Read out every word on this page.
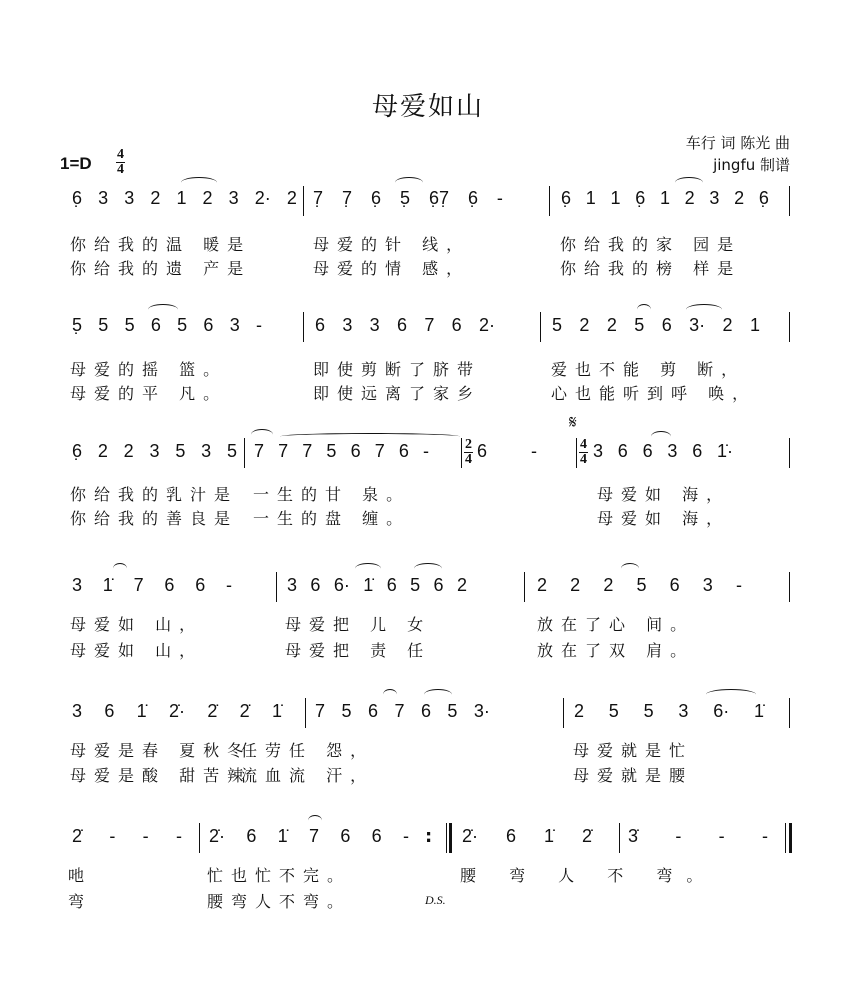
母爱如山
车行 词 陈光 曲
jingfu 制谱
1=D 4
4
6̣ 3 3 2 1 2 3 2· 2 7̣ 7̣ 6̣ 5̣ 6̣7̣ 6̣ -	6̣ 1 1 6̣ 1 2 3 2 6̣
你给我的温 暖是
你给我的遗 产是
母爱的针 线，
母爱的情 感，
你给我的家 园是
你给我的榜 样是
5̣ 5 5 6 5 6 3 -	6 3 3 6 7 6 2·	5 2 2 5 6 3· 2 1
母爱的摇 篮。
母爱的平 凡。
即使剪断了脐带
即使远离了家乡
爱也不能 剪 断，
心也能听到呼 唤，
6̣ 2 2 3 5 3 5 7 7 7 5 6 7 6 -	2
4 6 -
𝄋
4
4 3 6 6 3 6 1̇·
你给我的乳汁是
你给我的善良是
一生的甘 泉。
一生的盘 缠。
母爱如 海，
母爱如 海，
3 1̇ 7 6 6 -	3 6 6· 1̇ 6 5 6 2	2 2 2 5 6 3 -
母爱如 山，
母爱如 山，
母爱把 儿 女
母爱把 责 任
放在了心 间。
放在了双 肩。
3 6 1̇ 2̇· 2̇ 2̇ 1̇ 7 5 6 7 6 5 3·	2 5 5 3 6· 1̇
母爱是春 夏秋冬
母爱是酸 甜苦辣
任劳任 怨，
流血流 汗，
母爱就是忙
母爱就是腰
2̇ - - - 2̇· 6 1̇ 7 6 6 - : 2̇· 6 1̇ 2̇ 3̇ - - -
吔
弯
忙也忙不完。
腰弯人不弯。	D.S.
腰 弯 人 不 弯。
